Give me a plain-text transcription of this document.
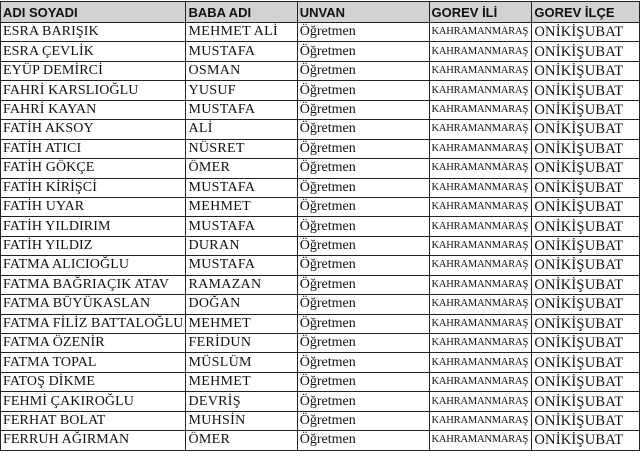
ADI SOYADI	BABA ADI	UNVAN	GOREV İLİ	GOREV İLÇE
ESRA BARIŞIK	MEHMET ALİ	Öğretmen	KAHRAMANMARAŞ	ONİKİŞUBAT
ESRA ÇEVLİK	MUSTAFA	Öğretmen	KAHRAMANMARAŞ	ONİKİŞUBAT
EYÜP DEMİRCİ	OSMAN	Öğretmen	KAHRAMANMARAŞ	ONİKİŞUBAT
FAHRİ KARSLIOĞLU	YUSUF	Öğretmen	KAHRAMANMARAŞ	ONİKİŞUBAT
FAHRİ KAYAN	MUSTAFA	Öğretmen	KAHRAMANMARAŞ	ONİKİŞUBAT
FATİH AKSOY	ALİ	Öğretmen	KAHRAMANMARAŞ	ONİKİŞUBAT
FATİH ATICI	NÜSRET	Öğretmen	KAHRAMANMARAŞ	ONİKİŞUBAT
FATİH GÖKÇE	ÖMER	Öğretmen	KAHRAMANMARAŞ	ONİKİŞUBAT
FATİH KİRİŞCİ	MUSTAFA	Öğretmen	KAHRAMANMARAŞ	ONİKİŞUBAT
FATİH UYAR	MEHMET	Öğretmen	KAHRAMANMARAŞ	ONİKİŞUBAT
FATİH YILDIRIM	MUSTAFA	Öğretmen	KAHRAMANMARAŞ	ONİKİŞUBAT
FATİH YILDIZ	DURAN	Öğretmen	KAHRAMANMARAŞ	ONİKİŞUBAT
FATMA ALICIOĞLU	MUSTAFA	Öğretmen	KAHRAMANMARAŞ	ONİKİŞUBAT
FATMA BAĞRIAÇIK ATAV	RAMAZAN	Öğretmen	KAHRAMANMARAŞ	ONİKİŞUBAT
FATMA BÜYÜKASLAN	DOĞAN	Öğretmen	KAHRAMANMARAŞ	ONİKİŞUBAT
FATMA FİLİZ BATTALOĞLU	MEHMET	Öğretmen	KAHRAMANMARAŞ	ONİKİŞUBAT
FATMA ÖZENİR	FERİDUN	Öğretmen	KAHRAMANMARAŞ	ONİKİŞUBAT
FATMA TOPAL	MÜSLÜM	Öğretmen	KAHRAMANMARAŞ	ONİKİŞUBAT
FATOŞ DİKME	MEHMET	Öğretmen	KAHRAMANMARAŞ	ONİKİŞUBAT
FEHMİ ÇAKIROĞLU	DEVRİŞ	Öğretmen	KAHRAMANMARAŞ	ONİKİŞUBAT
FERHAT BOLAT	MUHSİN	Öğretmen	KAHRAMANMARAŞ	ONİKİŞUBAT
FERRUH AĞIRMAN	ÖMER	Öğretmen	KAHRAMANMARAŞ	ONİKİŞUBAT
